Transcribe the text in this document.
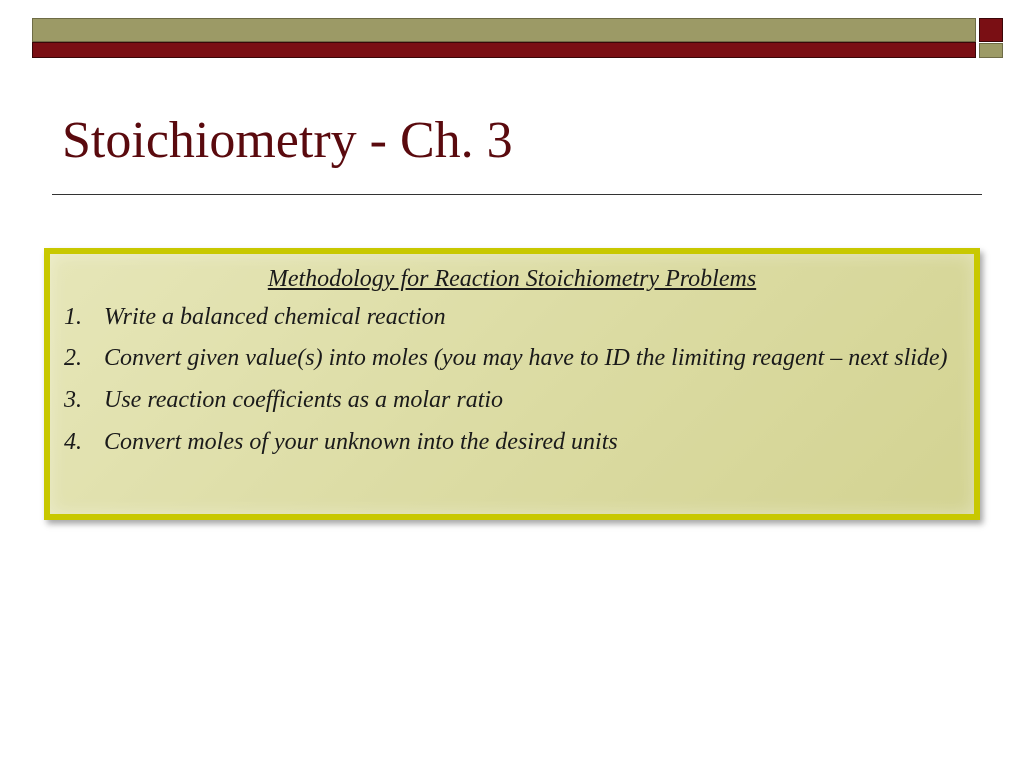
Stoichiometry - Ch. 3

Methodology for Reaction Stoichiometry Problems

1. Write a balanced chemical reaction

2. Convert given value(s) into moles (you may have to ID the limiting reagent – next slide)

3. Use reaction coefficients as a molar ratio

4. Convert moles of your unknown into the desired units
